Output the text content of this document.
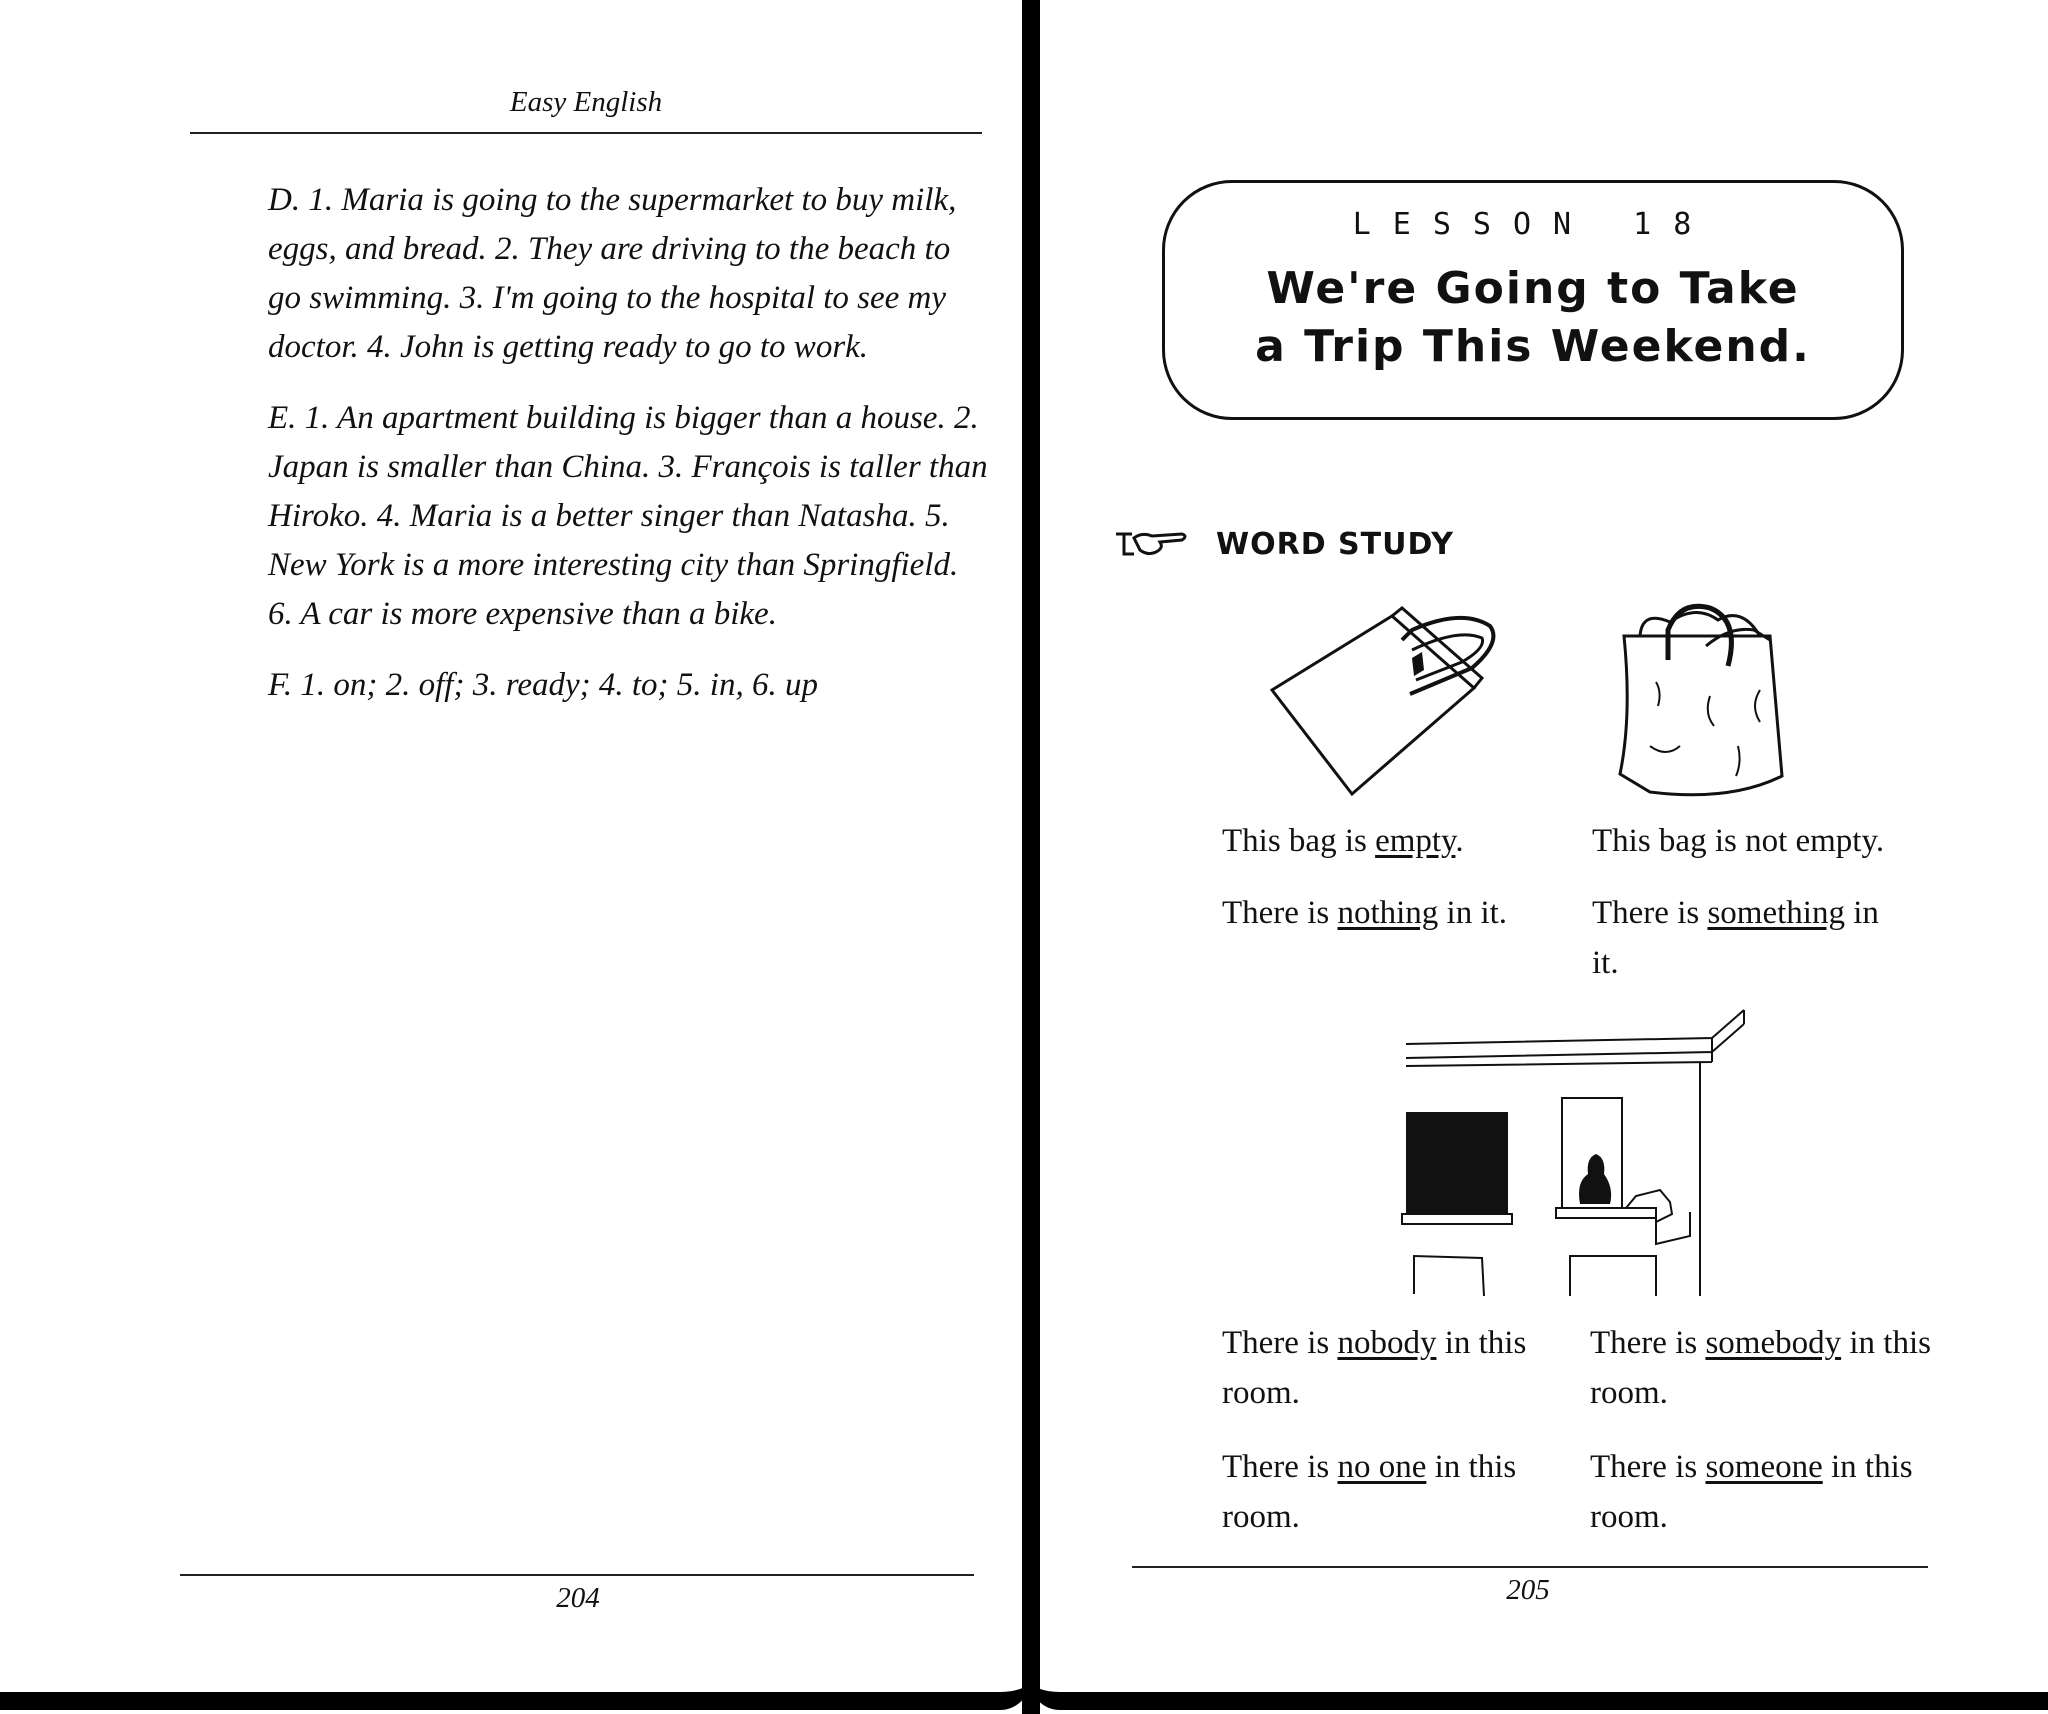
Easy English

D. 1. Maria is going to the supermarket to buy milk, eggs, and bread. 2. They are driving to the beach to go swimming. 3. I'm going to the hospital to see my doctor. 4. John is getting ready to go to work.

E. 1. An apartment building is bigger than a house. 2. Japan is smaller than China. 3. François is taller than Hiroko. 4. Maria is a better singer than Natasha. 5. New York is a more interesting city than Springfield. 6. A car is more expensive than a bike.

F. 1. on; 2. off; 3. ready; 4. to; 5. in, 6. up

204
LESSON 18
We're Going to Take
a Trip This Weekend.
WORD STUDY
This bag is empty.
There is nothing in it.
This bag is not empty.
There is something in it.
There is nobody in this room.
There is no one in this room.
There is somebody in this room.
There is someone in this room.
205
